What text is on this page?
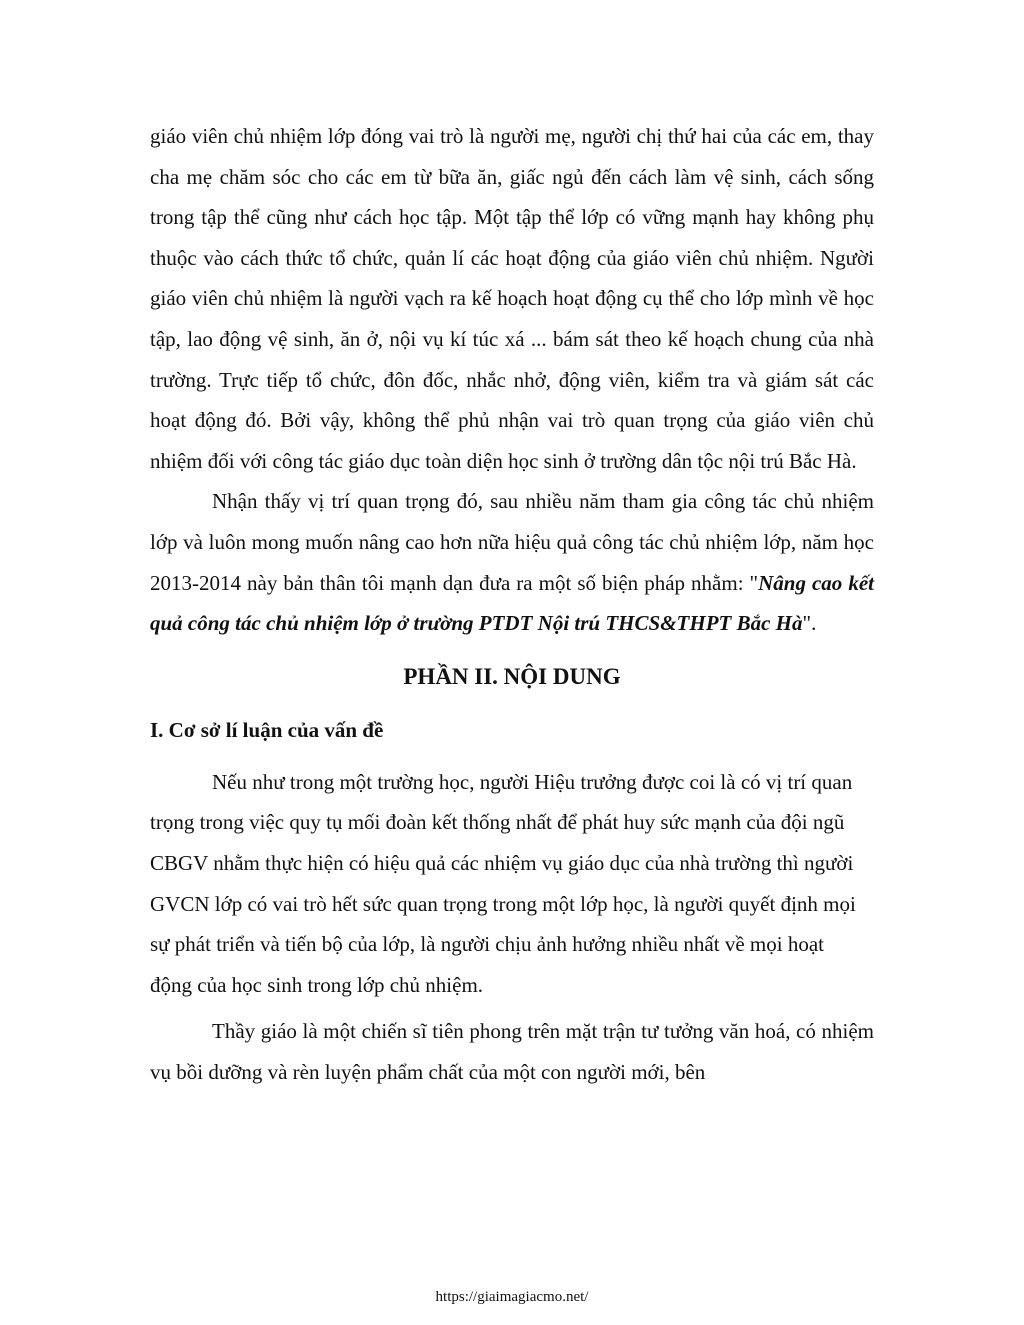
giáo viên chủ nhiệm lớp đóng vai trò là người mẹ, người chị thứ hai của các em, thay cha mẹ chăm sóc cho các em từ bữa ăn, giấc ngủ đến cách làm vệ sinh, cách sống trong tập thể cũng như cách học tập. Một tập thể lớp có vững mạnh hay không phụ thuộc vào cách thức tổ chức, quản lí các hoạt động của giáo viên chủ nhiệm. Người giáo viên chủ nhiệm là người vạch ra kế hoạch hoạt động cụ thể cho lớp mình về học tập, lao động vệ sinh, ăn ở, nội vụ kí túc xá ... bám sát theo kế hoạch chung của nhà trường. Trực tiếp tổ chức, đôn đốc, nhắc nhở, động viên, kiểm tra và giám sát các hoạt động đó. Bởi vậy, không thể phủ nhận vai trò quan trọng của giáo viên chủ nhiệm đối với công tác giáo dục toàn diện học sinh ở trường dân tộc nội trú Bắc Hà.

Nhận thấy vị trí quan trọng đó, sau nhiều năm tham gia công tác chủ nhiệm lớp và luôn mong muốn nâng cao hơn nữa hiệu quả công tác chủ nhiệm lớp, năm học 2013-2014 này bản thân tôi mạnh dạn đưa ra một số biện pháp nhằm: "Nâng cao kết quả công tác chủ nhiệm lớp ở trường PTDT Nội trú THCS&THPT Bắc Hà".

PHẦN II. NỘI DUNG
I. Cơ sở lí luận của vấn đề

Nếu như trong một trường học, người Hiệu trưởng được coi là có vị trí quan trọng trong việc quy tụ mối đoàn kết thống nhất để phát huy sức mạnh của đội ngũ CBGV nhằm thực hiện có hiệu quả các nhiệm vụ giáo dục của nhà trường thì người GVCN lớp có vai trò hết sức quan trọng trong một lớp học, là người quyết định mọi sự phát triển và tiến bộ của lớp, là người chịu ảnh hưởng nhiều nhất về mọi hoạt động của học sinh trong lớp chủ nhiệm.

Thầy giáo là một chiến sĩ tiên phong trên mặt trận tư tưởng văn hoá, có nhiệm vụ bồi dưỡng và rèn luyện phẩm chất của một con người mới, bên

https://giaimagiacmo.net/
